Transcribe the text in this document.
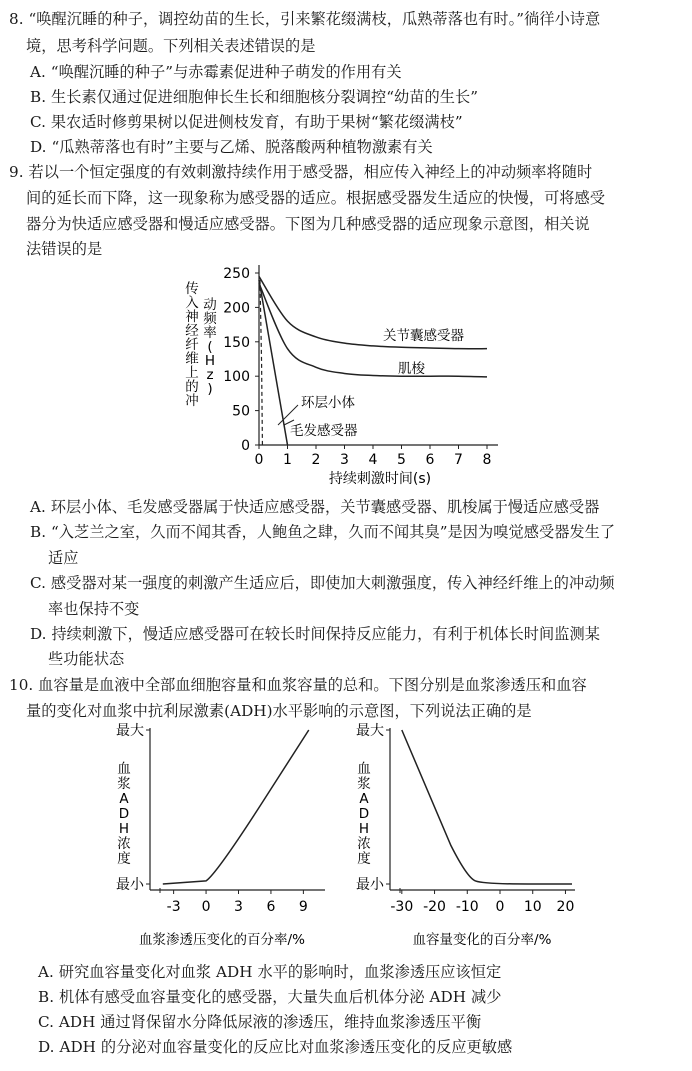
8. “唤醒沉睡的种子，调控幼苗的生长，引来繁花缀满枝，瓜熟蒂落也有时。”徜徉小诗意
境，思考科学问题。下列相关表述错误的是
A. “唤醒沉睡的种子”与赤霉素促进种子萌发的作用有关
B. 生长素仅通过促进细胞伸长生长和细胞核分裂调控“幼苗的生长”
C. 果农适时修剪果树以促进侧枝发育，有助于果树“繁花缀满枝”
D. “瓜熟蒂落也有时”主要与乙烯、脱落酸两种植物激素有关
9. 若以一个恒定强度的有效刺激持续作用于感受器，相应传入神经上的冲动频率将随时
间的延长而下降，这一现象称为感受器的适应。根据感受器发生适应的快慢，可将感受
器分为快适应感受器和慢适应感受器。下图为几种感受器的适应现象示意图，相关说
法错误的是
传入神经纤维上的冲
动频率( H z )
0
50
100
150
200
250
0 1 2 3 4 5 6 7 8
持续刺激时间(s)
关节囊感受器
肌梭
环层小体
毛发感受器
A. 环层小体、毛发感受器属于快适应感受器，关节囊感受器、肌梭属于慢适应感受器
B. “入芝兰之室，久而不闻其香，人鲍鱼之肆，久而不闻其臭”是因为嗅觉感受器发生了
适应
C. 感受器对某一强度的刺激产生适应后，即使加大刺激强度，传入神经纤维上的冲动频
率也保持不变
D. 持续刺激下，慢适应感受器可在较长时间保持反应能力，有利于机体长时间监测某
些功能状态
10. 血容量是血液中全部血细胞容量和血浆容量的总和。下图分别是血浆渗透压和血容
量的变化对血浆中抗利尿激素(ADH)水平影响的示意图，下列说法正确的是
最大
最小
血浆 A D H 浓度
-3 0 3 6 9
血浆渗透压变化的百分率/%
最大
最小
血浆 A D H 浓度
-30 -20 -10 0 10 20
血容量变化的百分率/%
A. 研究血容量变化对血浆 ADH 水平的影响时，血浆渗透压应该恒定
B. 机体有感受血容量变化的感受器，大量失血后机体分泌 ADH 减少
C. ADH 通过肾保留水分降低尿液的渗透压，维持血浆渗透压平衡
D. ADH 的分泌对血容量变化的反应比对血浆渗透压变化的反应更敏感
